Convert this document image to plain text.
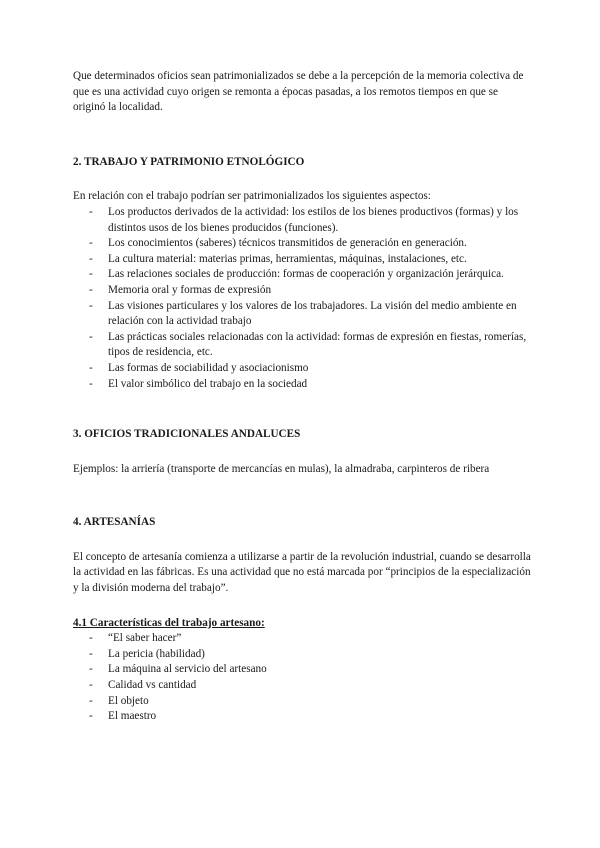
Que determinados oficios sean patrimonializados se debe a la percepción de la memoria colectiva de que es una actividad cuyo origen se remonta a épocas pasadas, a los remotos tiempos en que se originó la localidad.

2. TRABAJO Y PATRIMONIO ETNOLÓGICO

En relación con el trabajo podrían ser patrimonializados los siguientes aspectos:

- Los productos derivados de la actividad: los estilos de los bienes productivos (formas) y los distintos usos de los bienes producidos (funciones).
- Los conocimientos (saberes) técnicos transmitidos de generación en generación.
- La cultura material: materias primas, herramientas, máquinas, instalaciones, etc.
- Las relaciones sociales de producción: formas de cooperación y organización jerárquica.
- Memoria oral y formas de expresión
- Las visiones particulares y los valores de los trabajadores. La visión del medio ambiente en relación con la actividad trabajo
- Las prácticas sociales relacionadas con la actividad: formas de expresión en fiestas, romerías, tipos de residencia, etc.
- Las formas de sociabilidad y asociacionismo
- El valor simbólico del trabajo en la sociedad
3. OFICIOS TRADICIONALES ANDALUCES

Ejemplos: la arriería (transporte de mercancías en mulas), la almadraba, carpinteros de ribera

4. ARTESANÍAS

El concepto de artesanía comienza a utilizarse a partir de la revolución industrial, cuando se desarrolla la actividad en las fábricas. Es una actividad que no está marcada por “principios de la especialización y la división moderna del trabajo”.

4.1 Características del trabajo artesano:
- “El saber hacer”
- La pericia (habilidad)
- La máquina al servicio del artesano
- Calidad vs cantidad
- El objeto
- El maestro
